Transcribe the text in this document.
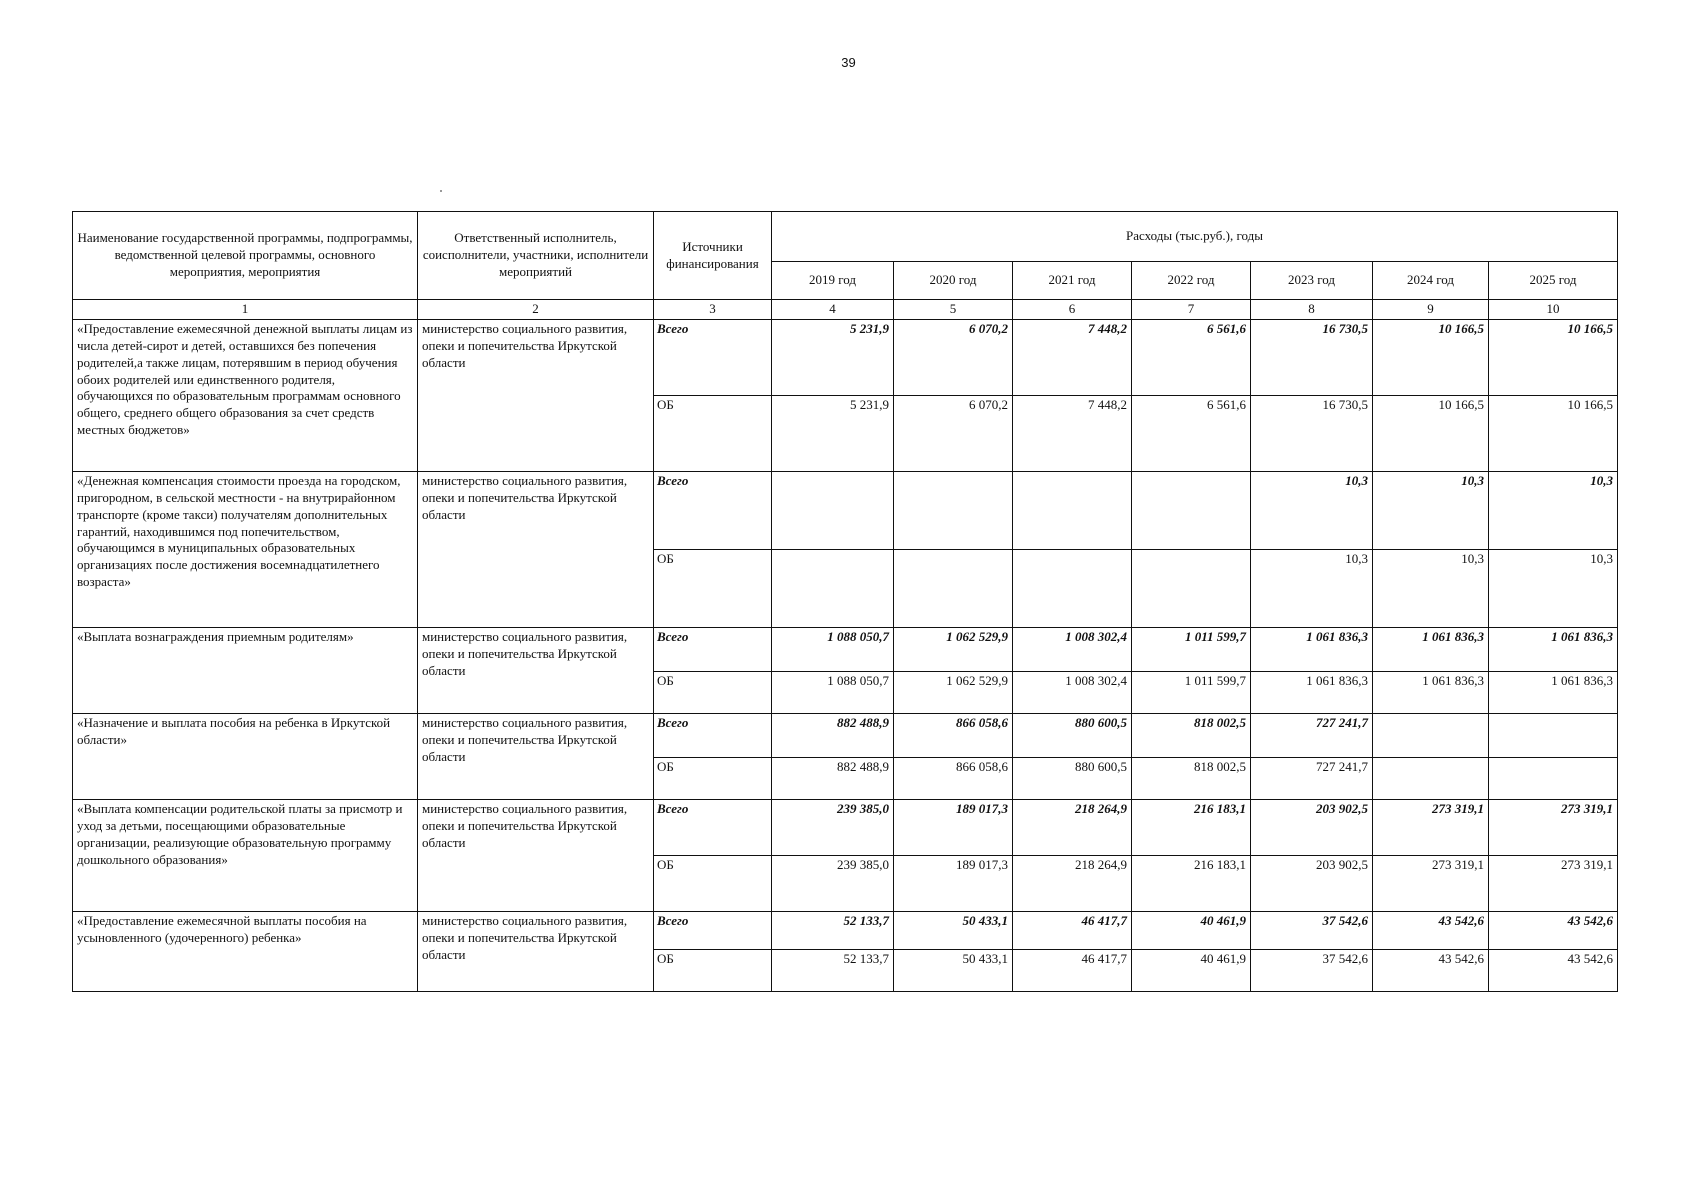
39
Наименование государственной программы, подпрограммы, ведомственной целевой программы, основного мероприятия, мероприятия	Ответственный исполнитель, соисполнители, участники, исполнители мероприятий	Источники финансирования	Расходы (тыс.руб.), годы						
			2019 год	2020 год	2021 год	2022 год	2023 год	2024 год	2025 год
1	2	3	4	5	6	7	8	9	10
«Предоставление ежемесячной денежной выплаты лицам из числа детей-сирот и детей, оставшихся без попечения родителей,а также лицам, потерявшим в период обучения обоих родителей или единственного родителя, обучающихся по образовательным программам основного общего, среднего общего образования за счет средств местных бюджетов»	министерство социального развития, опеки и попечительства Иркутской области	Всего	5 231,9	6 070,2	7 448,2	6 561,6	16 730,5	10 166,5	10 166,5
		ОБ	5 231,9	6 070,2	7 448,2	6 561,6	16 730,5	10 166,5	10 166,5
«Денежная компенсация стоимости проезда на городском, пригородном, в сельской местности - на внутрирайонном транспорте (кроме такси) получателям дополнительных гарантий, находившимся под попечительством, обучающимся в муниципальных образовательных организациях после достижения восемнадцатилетнего возраста»	министерство социального развития, опеки и попечительства Иркутской области	Всего					10,3	10,3	10,3
		ОБ					10,3	10,3	10,3
«Выплата вознаграждения приемным родителям»	министерство социального развития, опеки и попечительства Иркутской области	Всего	1 088 050,7	1 062 529,9	1 008 302,4	1 011 599,7	1 061 836,3	1 061 836,3	1 061 836,3
		ОБ	1 088 050,7	1 062 529,9	1 008 302,4	1 011 599,7	1 061 836,3	1 061 836,3	1 061 836,3
«Назначение и выплата пособия на ребенка в Иркутской области»	министерство социального развития, опеки и попечительства Иркутской области	Всего	882 488,9	866 058,6	880 600,5	818 002,5	727 241,7		
		ОБ	882 488,9	866 058,6	880 600,5	818 002,5	727 241,7		
«Выплата компенсации родительской платы за присмотр и уход за детьми, посещающими образовательные организации, реализующие образовательную программу дошкольного образования»	министерство социального развития, опеки и попечительства Иркутской области	Всего	239 385,0	189 017,3	218 264,9	216 183,1	203 902,5	273 319,1	273 319,1
		ОБ	239 385,0	189 017,3	218 264,9	216 183,1	203 902,5	273 319,1	273 319,1
«Предоставление ежемесячной выплаты пособия на усыновленного (удочеренного) ребенка»	министерство социального развития, опеки и попечительства Иркутской области	Всего	52 133,7	50 433,1	46 417,7	40 461,9	37 542,6	43 542,6	43 542,6
		ОБ	52 133,7	50 433,1	46 417,7	40 461,9	37 542,6	43 542,6	43 542,6
